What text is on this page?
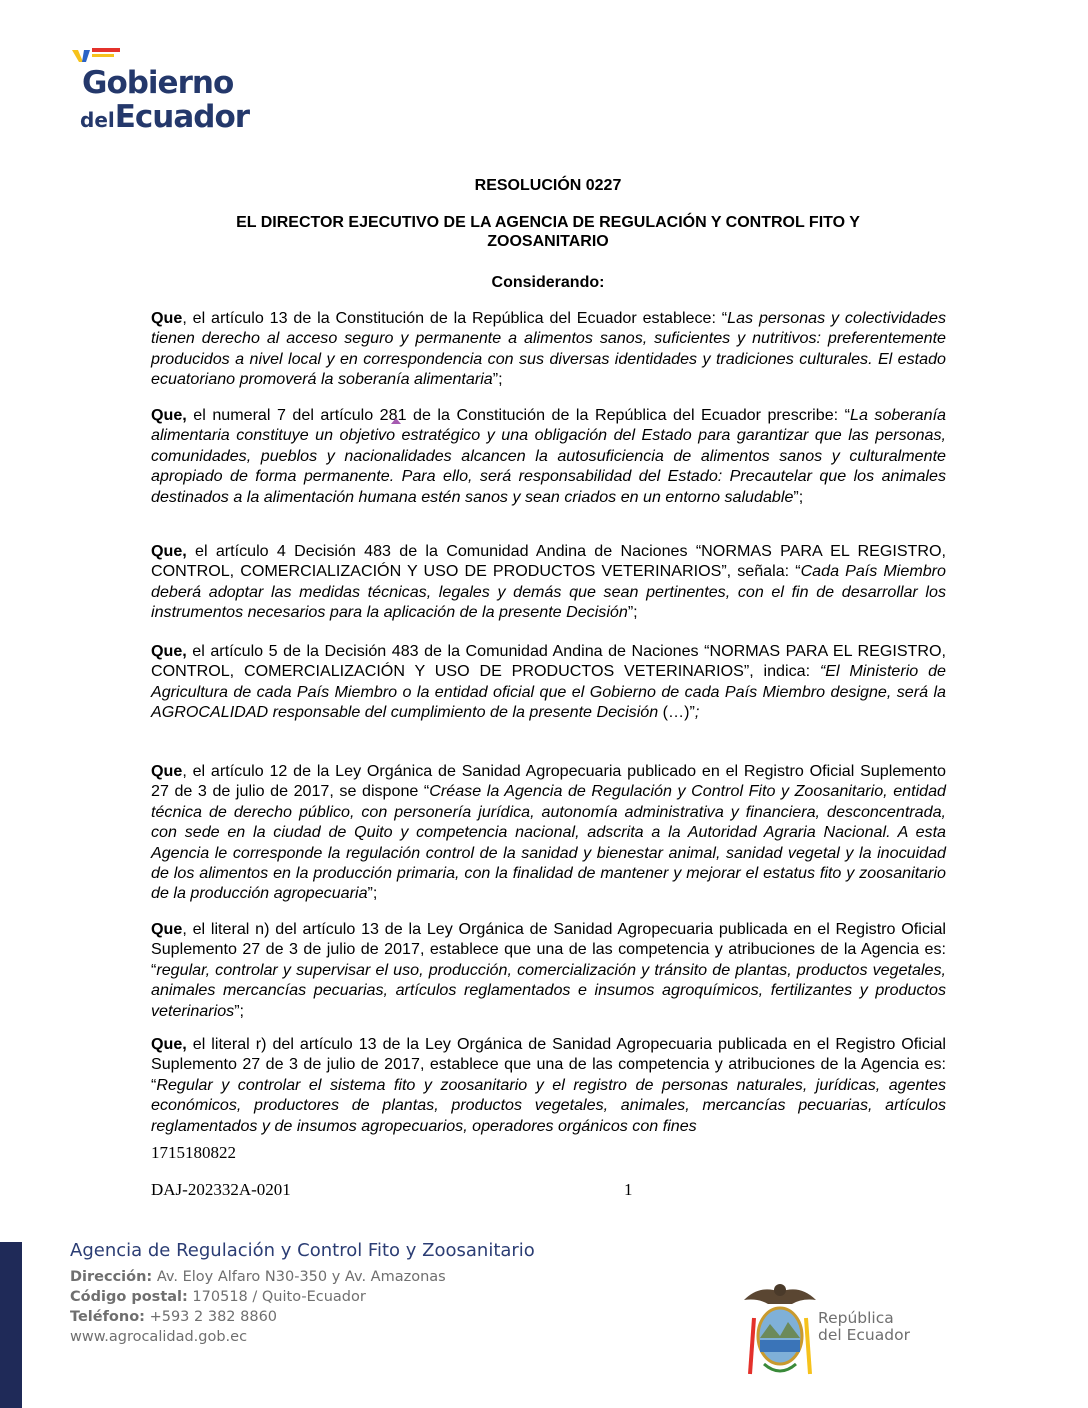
Gobierno
delEcuador
RESOLUCIÓN 0227
EL DIRECTOR EJECUTIVO DE LA AGENCIA DE REGULACIÓN Y CONTROL FITO Y
ZOOSANITARIO
Considerando:

Que, el artículo 13 de la Constitución de la República del Ecuador establece: “Las personas y colectividades tienen derecho al acceso seguro y permanente a alimentos sanos, suficientes y nutritivos: preferentemente producidos a nivel local y en correspondencia con sus diversas identidades y tradiciones culturales. El estado ecuatoriano promoverá la soberanía alimentaria”;

Que, el numeral 7 del artículo 281 de la Constitución de la República del Ecuador prescribe: “La soberanía alimentaria constituye un objetivo estratégico y una obligación del Estado para garantizar que las personas, comunidades, pueblos y nacionalidades alcancen la autosuficiencia de alimentos sanos y culturalmente apropiado de forma permanente. Para ello, será responsabilidad del Estado: Precautelar que los animales destinados a la alimentación humana estén sanos y sean criados en un entorno saludable”;

Que, el artículo 4 Decisión 483 de la Comunidad Andina de Naciones “NORMAS PARA EL REGISTRO, CONTROL, COMERCIALIZACIÓN Y USO DE PRODUCTOS VETERINARIOS”, señala: “Cada País Miembro deberá adoptar las medidas técnicas, legales y demás que sean pertinentes, con el fin de desarrollar los instrumentos necesarios para la aplicación de la presente Decisión”;

Que, el artículo 5 de la Decisión 483 de la Comunidad Andina de Naciones “NORMAS PARA EL REGISTRO, CONTROL, COMERCIALIZACIÓN Y USO DE PRODUCTOS VETERINARIOS”, indica: “El Ministerio de Agricultura de cada País Miembro o la entidad oficial que el Gobierno de cada País Miembro designe, será la AGROCALIDAD responsable del cumplimiento de la presente Decisión (…)”;

Que, el artículo 12 de la Ley Orgánica de Sanidad Agropecuaria publicado en el Registro Oficial Suplemento 27 de 3 de julio de 2017, se dispone “Créase la Agencia de Regulación y Control Fito y Zoosanitario, entidad técnica de derecho público, con personería jurídica, autonomía administrativa y financiera, desconcentrada, con sede en la ciudad de Quito y competencia nacional, adscrita a la Autoridad Agraria Nacional. A esta Agencia le corresponde la regulación control de la sanidad y bienestar animal, sanidad vegetal y la inocuidad de los alimentos en la producción primaria, con la finalidad de mantener y mejorar el estatus fito y zoosanitario de la producción agropecuaria”;

Que, el literal n) del artículo 13 de la Ley Orgánica de Sanidad Agropecuaria publicada en el Registro Oficial Suplemento 27 de 3 de julio de 2017, establece que una de las competencia y atribuciones de la Agencia es: “regular, controlar y supervisar el uso, producción, comercialización y tránsito de plantas, productos vegetales, animales mercancías pecuarias, artículos reglamentados e insumos agroquímicos, fertilizantes y productos veterinarios”;

Que, el literal r) del artículo 13 de la Ley Orgánica de Sanidad Agropecuaria publicada en el Registro Oficial Suplemento 27 de 3 de julio de 2017, establece que una de las competencia y atribuciones de la Agencia es: “Regular y controlar el sistema fito y zoosanitario y el registro de personas naturales, jurídicas, agentes económicos, productores de plantas, productos vegetales, animales, mercancías pecuarias, artículos reglamentados y de insumos agropecuarios, operadores orgánicos con fines

1715180822
DAJ-202332A-0201	1
Agencia de Regulación y Control Fito y Zoosanitario
Dirección: Av. Eloy Alfaro N30-350 y Av. Amazonas
Código postal: 170518 / Quito-Ecuador
Teléfono: +593 2 382 8860
www.agrocalidad.gob.ec
República
del Ecuador
